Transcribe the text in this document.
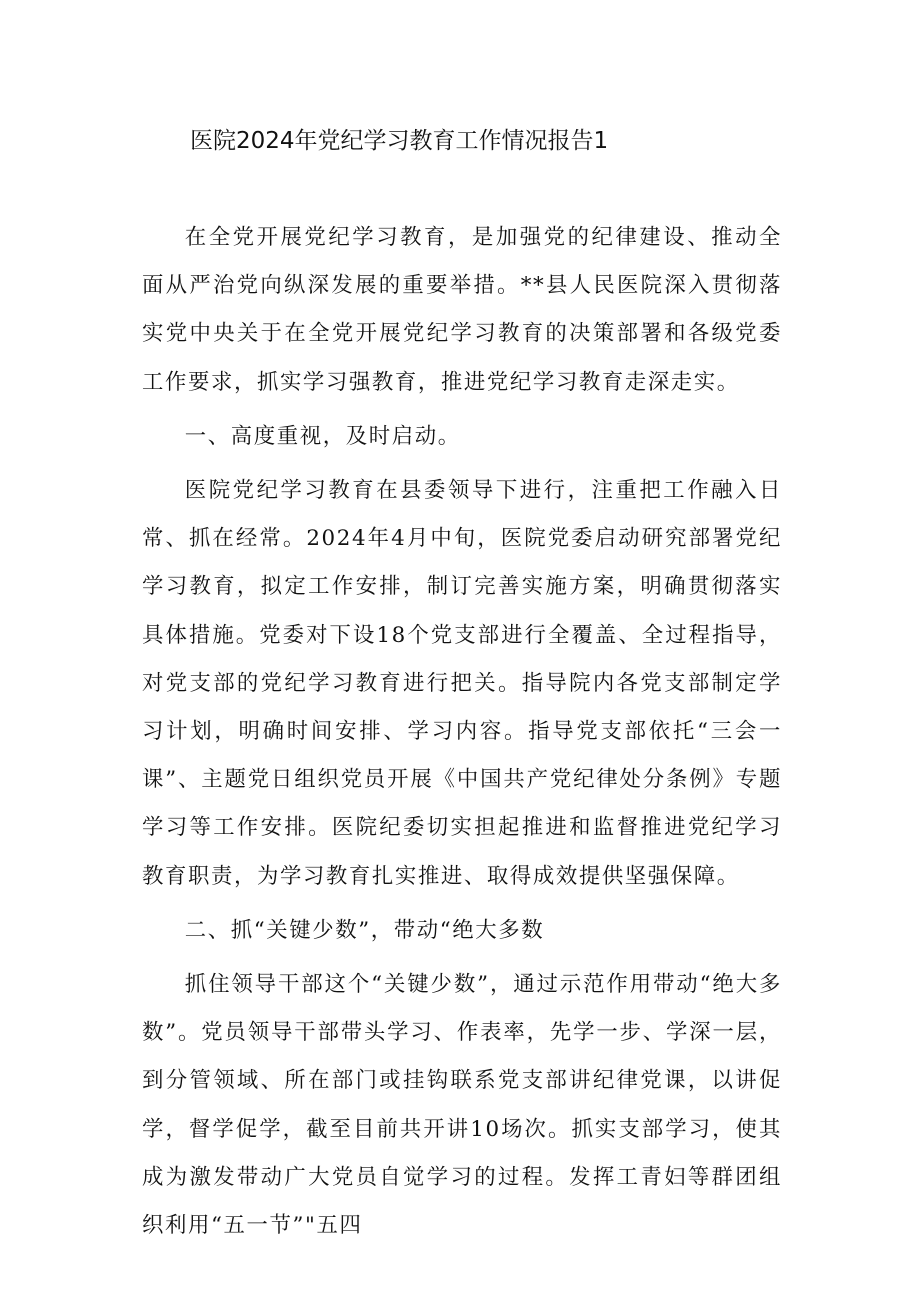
医院2024年党纪学习教育工作情况报告1

在全党开展党纪学习教育，是加强党的纪律建设、推动全面从严治党向纵深发展的重要举措。**县人民医院深入贯彻落实党中央关于在全党开展党纪学习教育的决策部署和各级党委工作要求，抓实学习强教育，推进党纪学习教育走深走实。

一、高度重视，及时启动。

医院党纪学习教育在县委领导下进行，注重把工作融入日常、抓在经常。2024年4月中旬，医院党委启动研究部署党纪学习教育，拟定工作安排，制订完善实施方案，明确贯彻落实具体措施。党委对下设18个党支部进行全覆盖、全过程指导，对党支部的党纪学习教育进行把关。指导院内各党支部制定学习计划，明确时间安排、学习内容。指导党支部依托“三会一课”、主题党日组织党员开展《中国共产党纪律处分条例》专题学习等工作安排。医院纪委切实担起推进和监督推进党纪学习教育职责，为学习教育扎实推进、取得成效提供坚强保障。

二、抓“关键少数”，带动“绝大多数

抓住领导干部这个“关键少数”，通过示范作用带动“绝大多数”。党员领导干部带头学习、作表率，先学一步、学深一层，到分管领域、所在部门或挂钩联系党支部讲纪律党课，以讲促学，督学促学，截至目前共开讲10场次。抓实支部学习，使其成为激发带动广大党员自觉学习的过程。发挥工青妇等群团组织利用“五一节”"五四
